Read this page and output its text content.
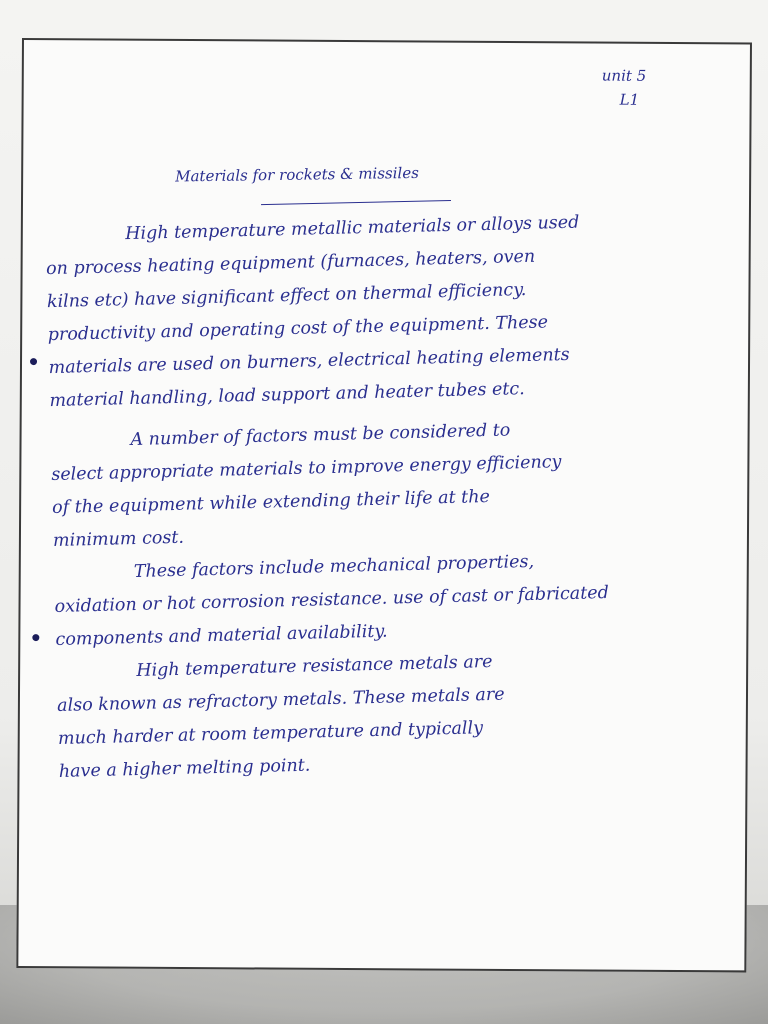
unit 5
L1
Materials for rockets & missiles
High temperature metallic materials or alloys used
on process heating equipment (furnaces, heaters, oven
kilns etc) have significant effect on thermal efficiency.
productivity and operating cost of the equipment. These
materials are used on burners, electrical heating elements
material handling, load support and heater tubes etc.
A number of factors must be considered to
select appropriate materials to improve energy efficiency
of the equipment while extending their life at the
minimum cost.
These factors include mechanical properties,
oxidation or hot corrosion resistance. use of cast or fabricated
components and material availability.
High temperature resistance metals are
also known as refractory metals. These metals are
much harder at room temperature and typically
have a higher melting point.
